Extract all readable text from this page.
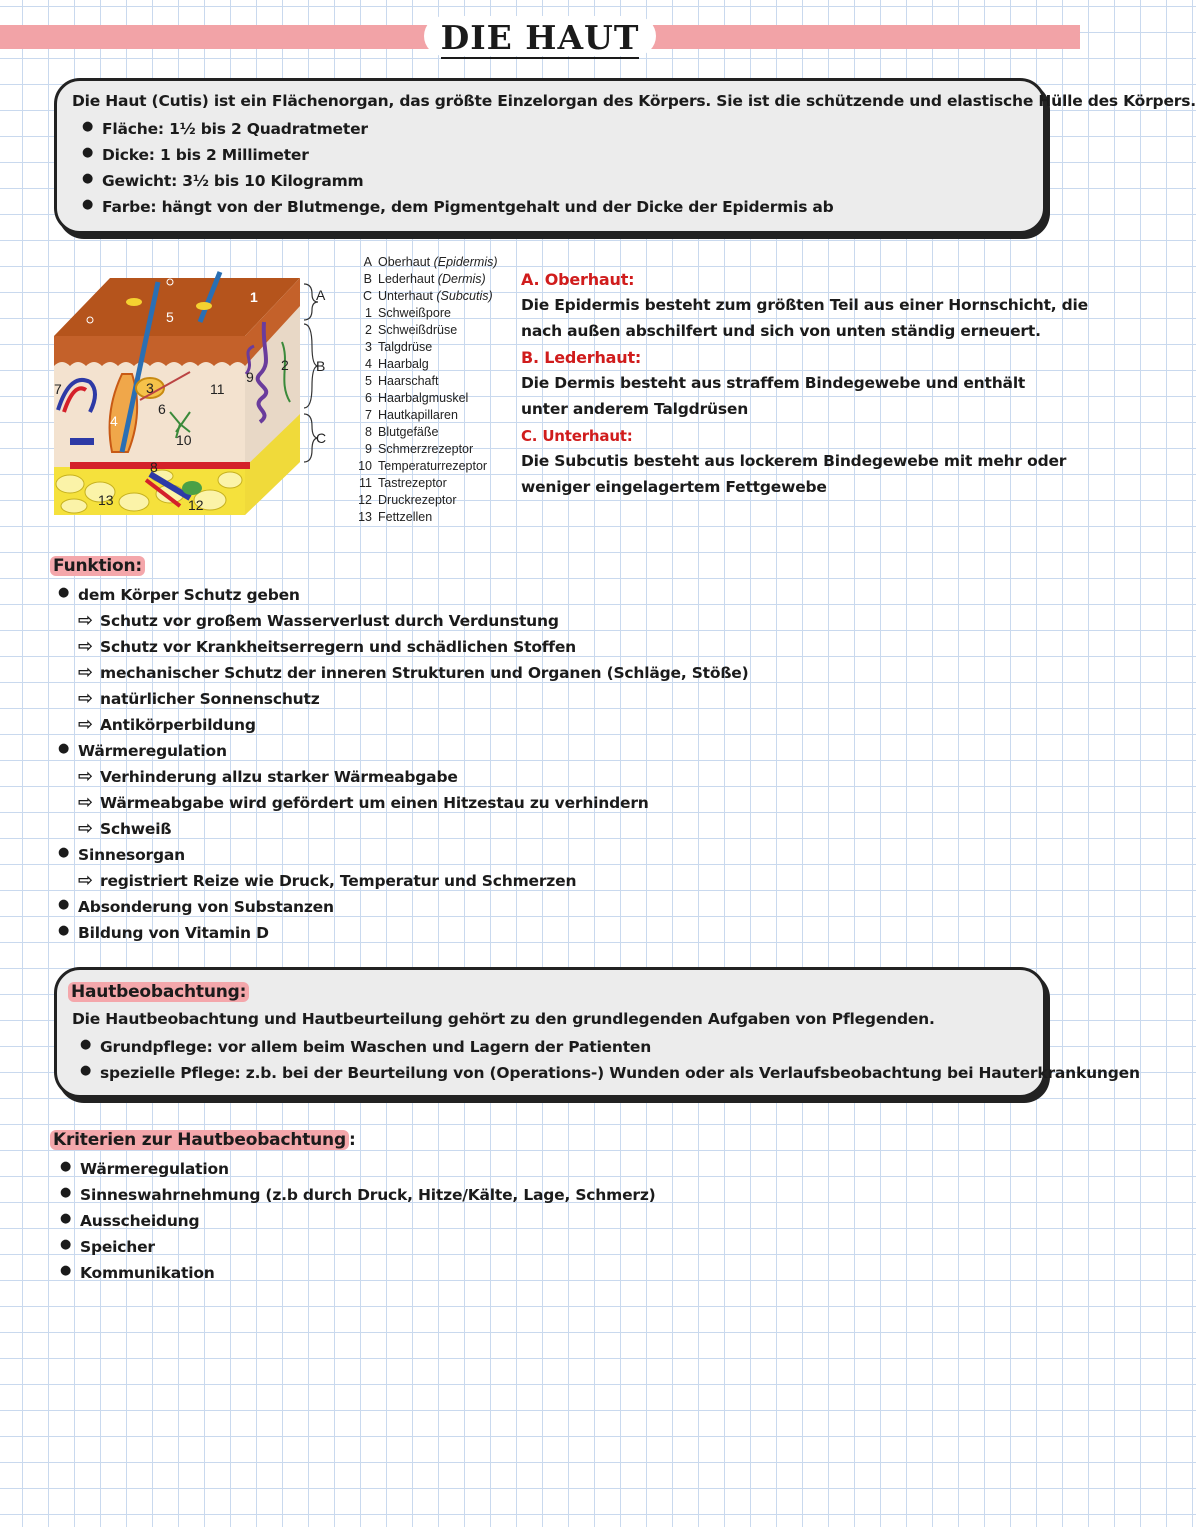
DIE HAUT
Die Haut (Cutis) ist ein Flächenorgan, das größte Einzelorgan des Körpers. Sie ist die schützende und elastische Hülle des Körpers.
● Fläche: 1½ bis 2 Quadratmeter
● Dicke: 1 bis 2 Millimeter
● Gewicht: 3½ bis 10 Kilogramm
● Farbe: hängt von der Blutmenge, dem Pigmentgehalt und der Dicke der Epidermis ab
A
B
C
1
2
3
4
5
6
7
8
9
10
11
12
13
A Oberhaut (Epidermis)
B Lederhaut (Dermis)
C Unterhaut (Subcutis)
1 Schweißpore
2 Schweißdrüse
3 Talgdrüse
4 Haarbalg
5 Haarschaft
6 Haarbalgmuskel
7 Hautkapillaren
8 Blutgefäße
9 Schmerzrezeptor
10 Temperaturrezeptor
11 Tastrezeptor
12 Druckrezeptor
13 Fettzellen
A. Oberhaut:
Die Epidermis besteht zum größten Teil aus einer Hornschicht, die
nach außen abschilfert und sich von unten ständig erneuert.
B. Lederhaut:
Die Dermis besteht aus straffem Bindegewebe und enthält
unter anderem Talgdrüsen
C. Unterhaut:
Die Subcutis besteht aus lockerem Bindegewebe mit mehr oder
weniger eingelagertem Fettgewebe
Funktion:
● dem Körper Schutz geben
⇨ Schutz vor großem Wasserverlust durch Verdunstung
⇨ Schutz vor Krankheitserregern und schädlichen Stoffen
⇨ mechanischer Schutz der inneren Strukturen und Organen (Schläge, Stöße)
⇨ natürlicher Sonnenschutz
⇨ Antikörperbildung
● Wärmeregulation
⇨ Verhinderung allzu starker Wärmeabgabe
⇨ Wärmeabgabe wird gefördert um einen Hitzestau zu verhindern
⇨ Schweiß
● Sinnesorgan
⇨ registriert Reize wie Druck, Temperatur und Schmerzen
● Absonderung von Substanzen
● Bildung von Vitamin D
Hautbeobachtung:
Die Hautbeobachtung und Hautbeurteilung gehört zu den grundlegenden Aufgaben von Pflegenden.
● Grundpflege: vor allem beim Waschen und Lagern der Patienten
● spezielle Pflege: z.b. bei der Beurteilung von (Operations-) Wunden oder als Verlaufsbeobachtung bei Hauterkrankungen
Kriterien zur Hautbeobachtung :
● Wärmeregulation
● Sinneswahrnehmung (z.b durch Druck, Hitze/Kälte, Lage, Schmerz)
● Ausscheidung
● Speicher
● Kommunikation
